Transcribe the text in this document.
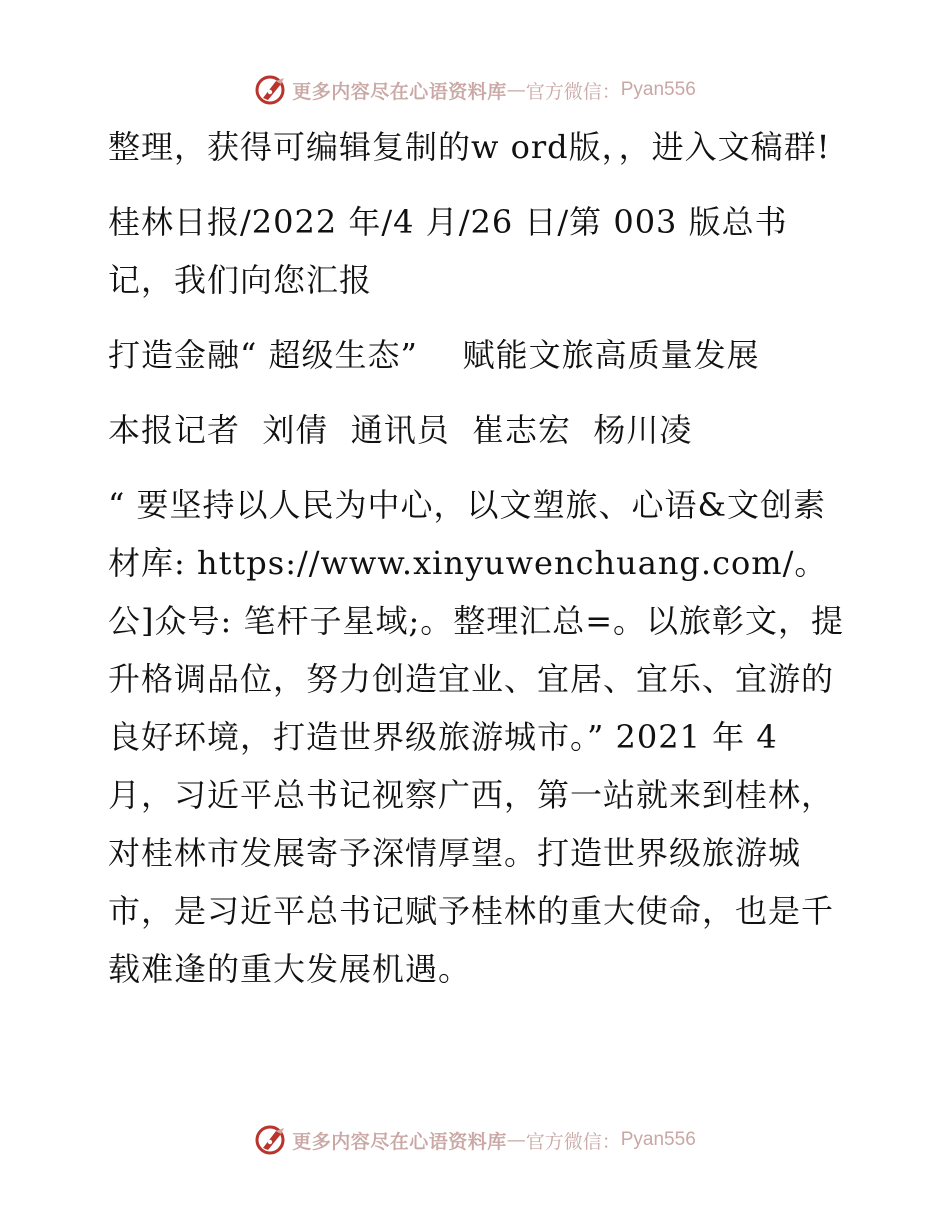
更多内容尽在心语资料库 — 官方微信： Pyan556

整理，获得可编辑复制的w ord版，，进入文稿群!

桂林日报/2022 年/4 月/26 日/第 003 版总书记，我们向您汇报

打造金融“ 超级生态”    赋能文旅高质量发展

本报记者  刘倩  通讯员  崔志宏  杨川凌

“ 要坚持以人民为中心，以文塑旅、心语&文创素材库: https://www.xinyuwenchuang.com/。公]众号: 笔杆子星域;。整理汇总=。以旅彰文，提升格调品位，努力创造宜业、宜居、宜乐、宜游的良好环境，打造世界级旅游城市。” 2021 年 4 月，习近平总书记视察广西，第一站就来到桂林，对桂林市发展寄予深情厚望。打造世界级旅游城市，是习近平总书记赋予桂林的重大使命，也是千载难逢的重大发展机遇。

更多内容尽在心语资料库 — 官方微信： Pyan556
